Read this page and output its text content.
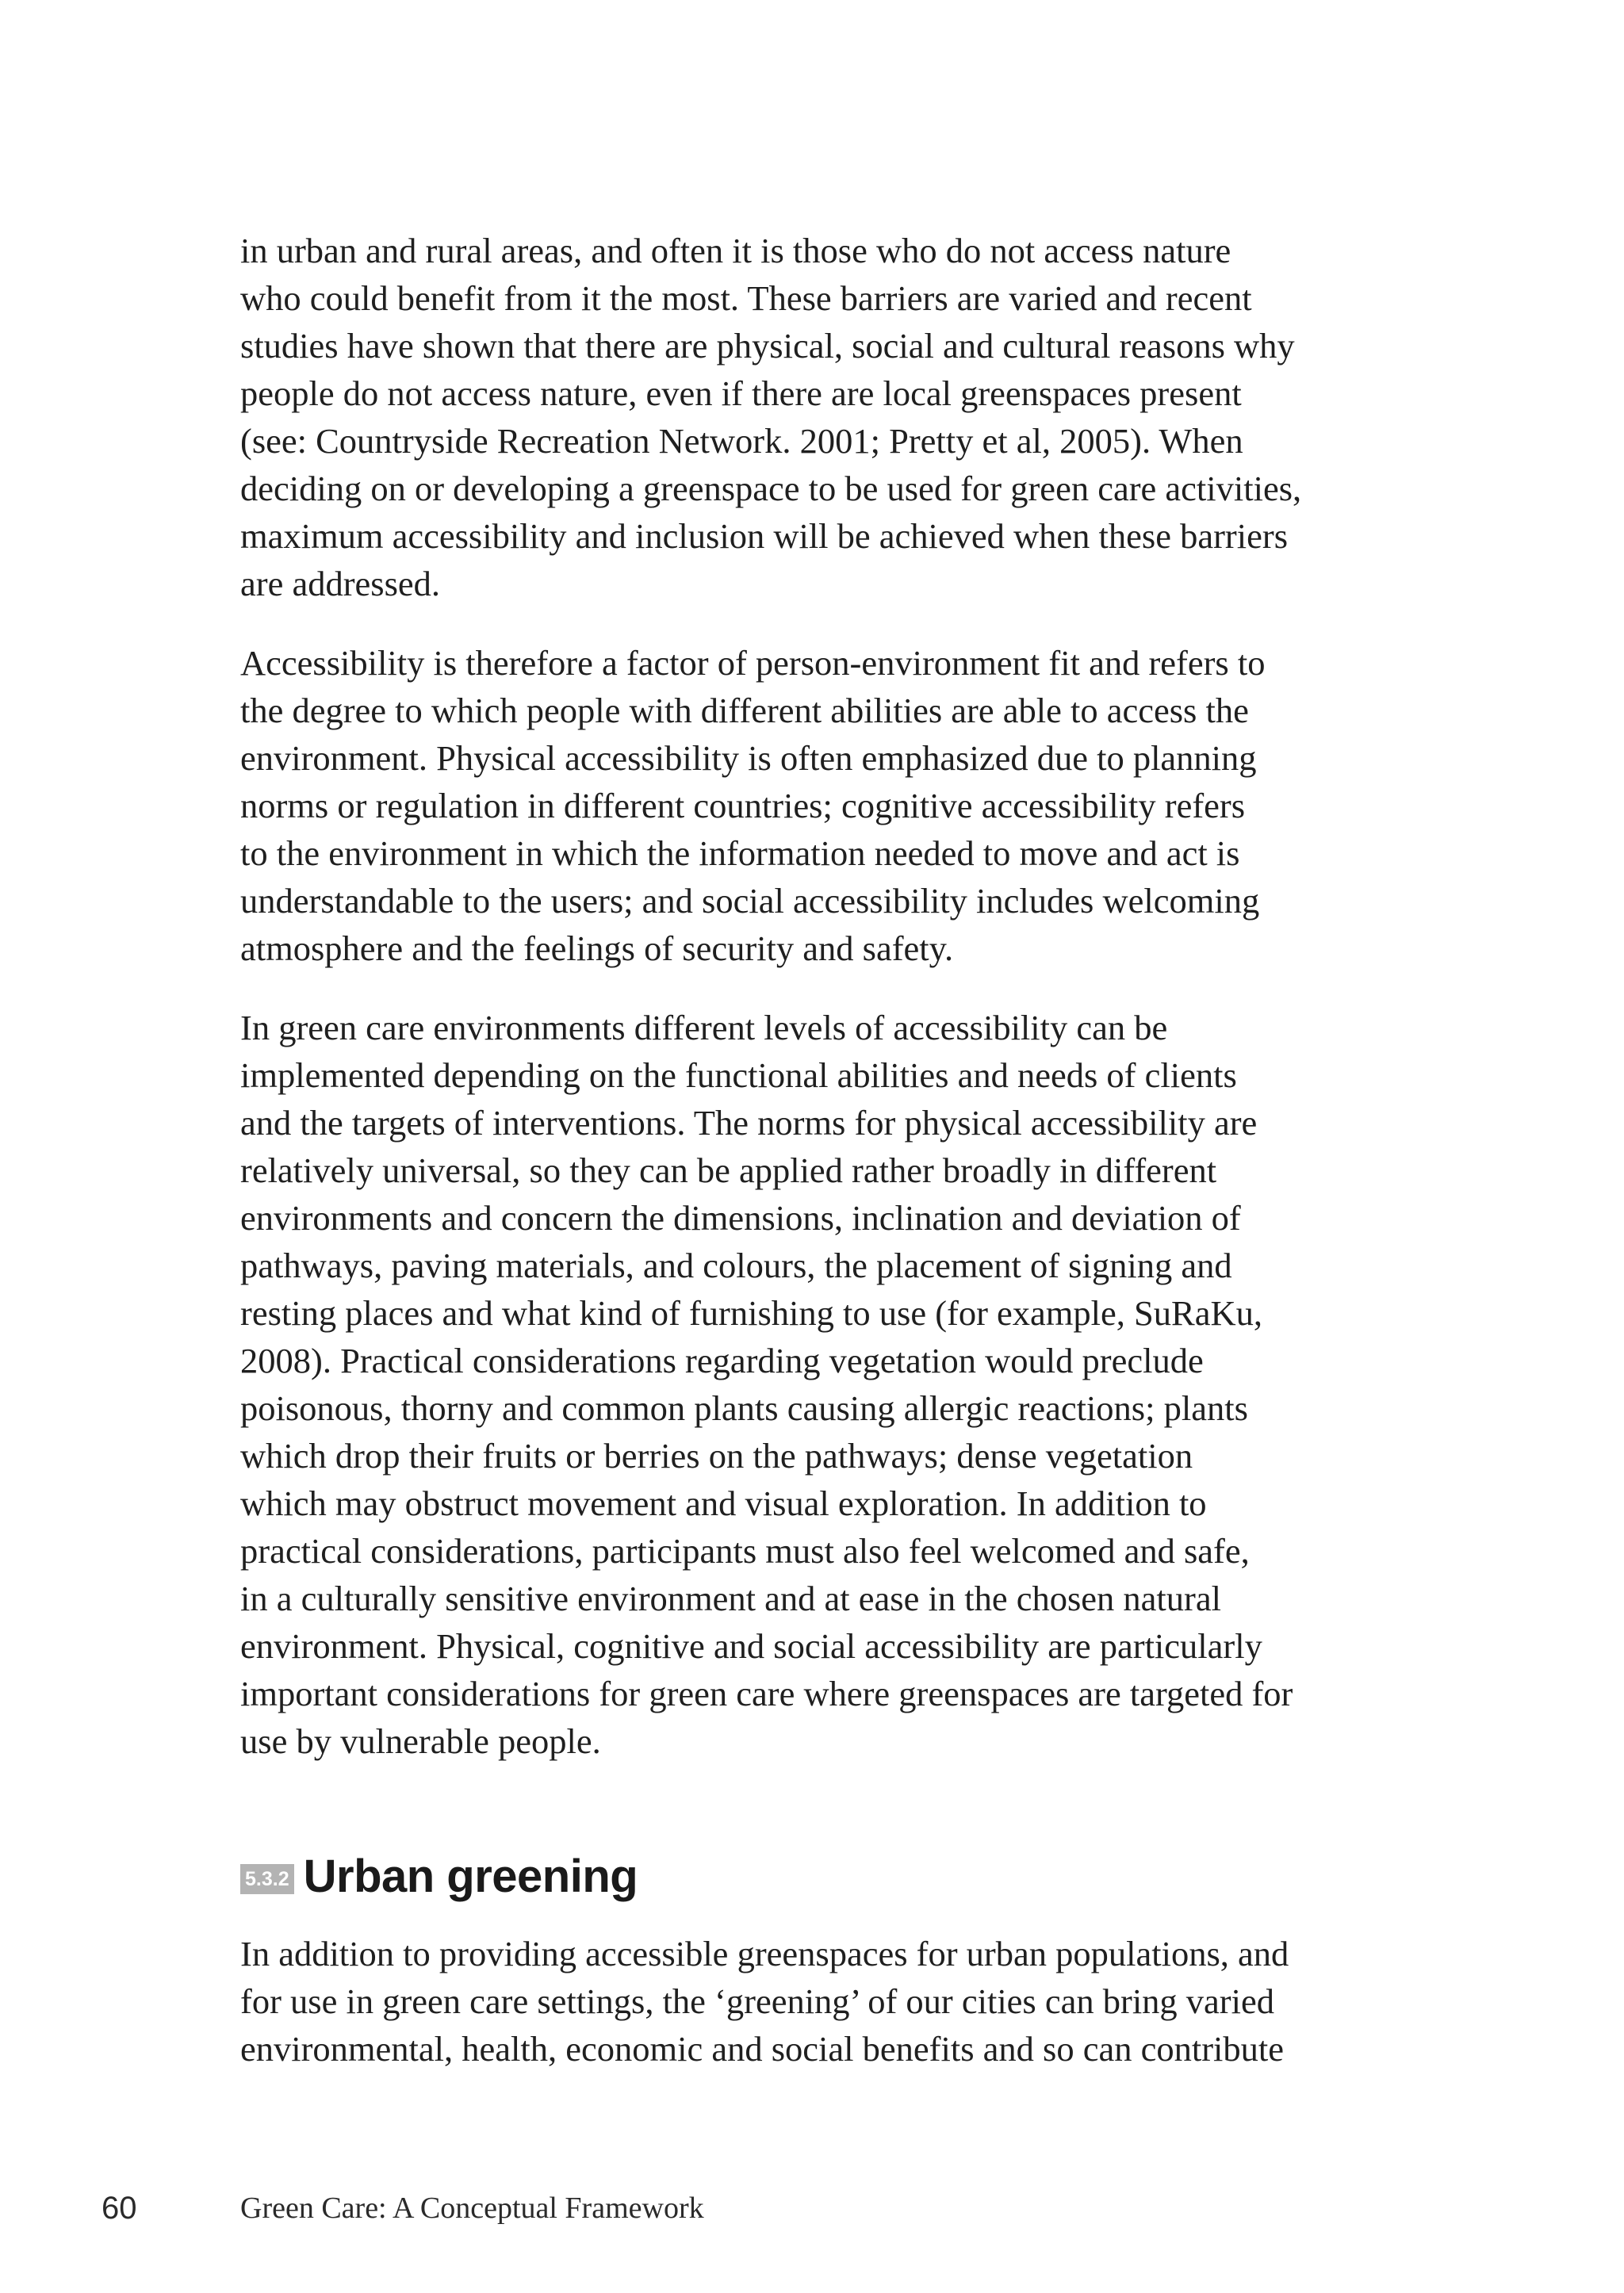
in urban and rural areas, and often it is those who do not access nature
who could benefit from it the most. These barriers are varied and recent
studies have shown that there are physical, social and cultural reasons why
people do not access nature, even if there are local greenspaces present
(see: Countryside Recreation Network. 2001; Pretty et al, 2005). When
deciding on or developing a greenspace to be used for green care activities,
maximum accessibility and inclusion will be achieved when these barriers
are addressed.

Accessibility is therefore a factor of person-environment fit and refers to
the degree to which people with different abilities are able to access the
environment. Physical accessibility is often emphasized due to planning
norms or regulation in different countries; cognitive accessibility refers
to the environment in which the information needed to move and act is
understandable to the users; and social accessibility includes welcoming
atmosphere and the feelings of security and safety.

In green care environments different levels of accessibility can be
implemented depending on the functional abilities and needs of clients
and the targets of interventions. The norms for physical accessibility are
relatively universal, so they can be applied rather broadly in different
environments and concern the dimensions, inclination and deviation of
pathways, paving materials, and colours, the placement of signing and
resting places and what kind of furnishing to use (for example, SuRaKu,
2008). Practical considerations regarding vegetation would preclude
poisonous, thorny and common plants causing allergic reactions; plants
which drop their fruits or berries on the pathways; dense vegetation
which may obstruct movement and visual exploration. In addition to
practical considerations, participants must also feel welcomed and safe,
in a culturally sensitive environment and at ease in the chosen natural
environment. Physical, cognitive and social accessibility are particularly
important considerations for green care where greenspaces are targeted for
use by vulnerable people.

5.3.2 Urban greening

In addition to providing accessible greenspaces for urban populations, and
for use in green care settings, the ‘greening’ of our cities can bring varied
environmental, health, economic and social benefits and so can contribute

60	Green Care: A Conceptual Framework
